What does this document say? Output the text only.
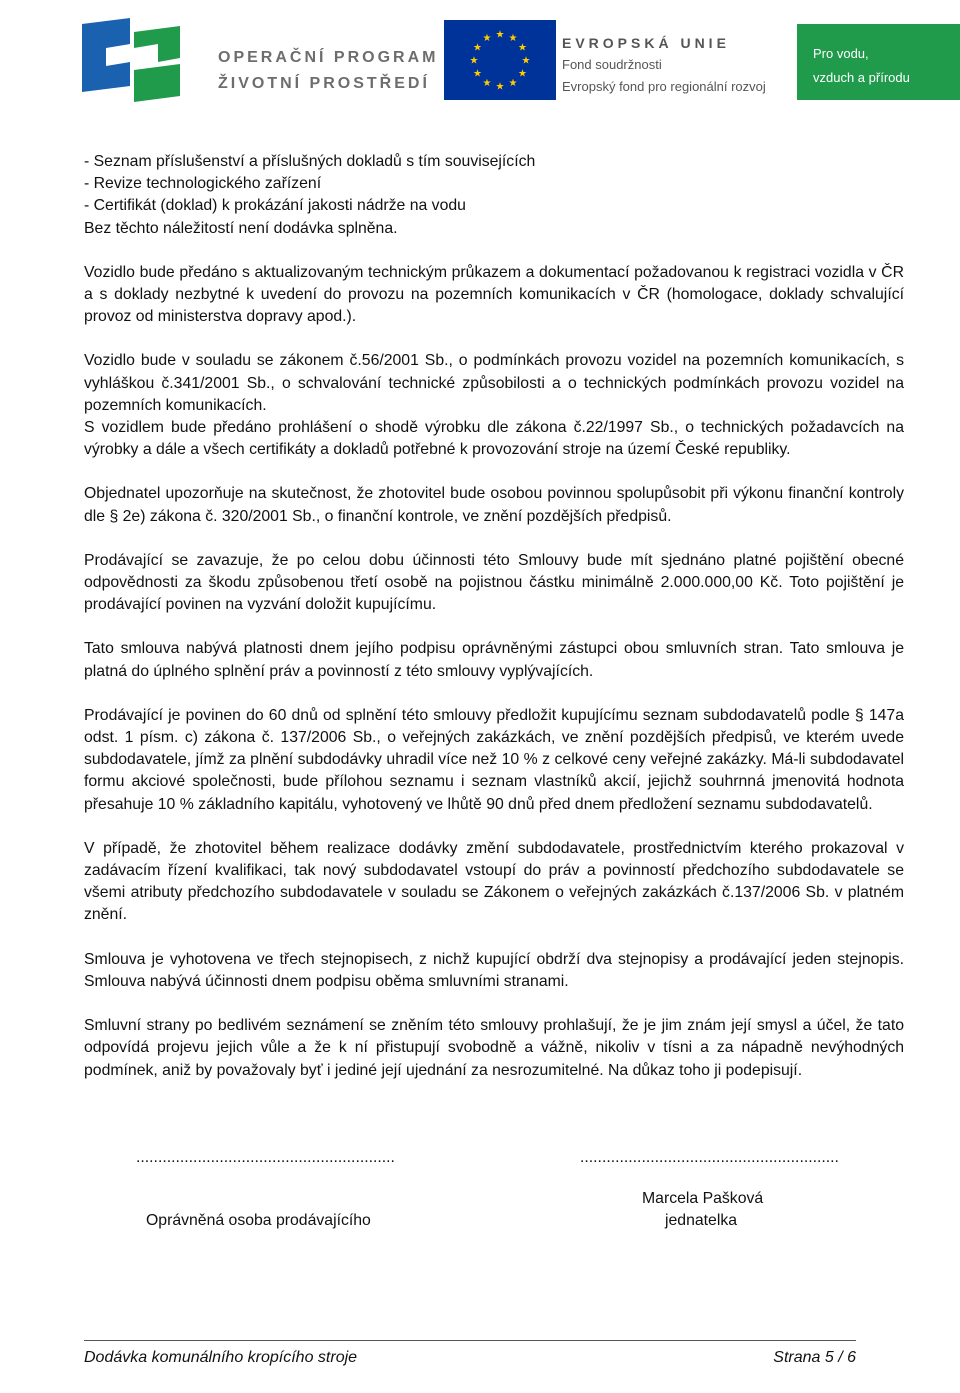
OPERAČNÍ PROGRAM
ŽIVOTNÍ PROSTŘEDÍ
★ ★
★
★
★
★
★
★
★
★
★
★	EVROPSKÁ UNIE
Fond soudržnosti
Evropský fond pro regionální rozvoj
Pro vodu,
vzduch a přírodu
- Seznam příslušenství a příslušných dokladů s tím souvisejících
- Revize technologického zařízení
- Certifikát (doklad) k prokázání jakosti nádrže na vodu
Bez těchto náležitostí není dodávka splněna.

Vozidlo bude předáno s aktualizovaným technickým průkazem a dokumentací požadovanou k registraci vozidla v ČR a s doklady nezbytné k uvedení do provozu na pozemních komunikacích v ČR (homologace, doklady schvalující provoz od ministerstva dopravy apod.).

Vozidlo bude v souladu se zákonem č.56/2001 Sb., o podmínkách provozu vozidel na pozemních komunikacích, s vyhláškou č.341/2001 Sb., o schvalování technické způsobilosti a o technických podmínkách provozu vozidel na pozemních komunikacích.

S vozidlem bude předáno prohlášení o shodě výrobku dle zákona č.22/1997 Sb., o technických požadavcích na výrobky a dále a všech certifikáty a dokladů potřebné k provozování stroje na území České republiky.

Objednatel upozorňuje na skutečnost, že zhotovitel bude osobou povinnou spolupůsobit při výkonu finanční kontroly dle § 2e) zákona č. 320/2001 Sb., o finanční kontrole, ve znění pozdějších předpisů.

Prodávající se zavazuje, že po celou dobu účinnosti této Smlouvy bude mít sjednáno platné pojištění obecné odpovědnosti za škodu způsobenou třetí osobě na pojistnou částku minimálně 2.000.000,00 Kč. Toto pojištění je prodávající povinen na vyzvání doložit kupujícímu.

Tato smlouva nabývá platnosti dnem jejího podpisu oprávněnými zástupci obou smluvních stran. Tato smlouva je platná do úplného splnění práv a povinností z této smlouvy vyplývajících.

Prodávající je povinen do 60 dnů od splnění této smlouvy předložit kupujícímu seznam subdodavatelů podle § 147a odst. 1 písm. c) zákona č. 137/2006 Sb., o veřejných zakázkách, ve znění pozdějších předpisů, ve kterém uvede subdodavatele, jímž za plnění subdodávky uhradil více než 10 % z celkové ceny veřejné zakázky. Má-li subdodavatel formu akciové společnosti, bude přílohou seznamu i seznam vlastníků akcií, jejichž souhrnná jmenovitá hodnota přesahuje 10 % základního kapitálu, vyhotovený ve lhůtě 90 dnů před dnem předložení seznamu subdodavatelů.

V případě, že zhotovitel během realizace dodávky změní subdodavatele, prostřednictvím kterého prokazoval v zadávacím řízení kvalifikaci, tak nový subdodavatel vstoupí do práv a povinností předchozího subdodavatele se všemi atributy předchozího subdodavatele v souladu se Zákonem o veřejných zakázkách č.137/2006 Sb. v platném znění.

Smlouva je vyhotovena ve třech stejnopisech, z nichž kupující obdrží dva stejnopisy a prodávající jeden stejnopis. Smlouva nabývá účinnosti dnem podpisu oběma smluvními stranami.

Smluvní strany po bedlivém seznámení se zněním této smlouvy prohlašují, že je jim znám její smysl a účel, že tato odpovídá projevu jejich vůle a že k ní přistupují svobodně a vážně, nikoliv v tísni a za nápadně nevýhodných podmínek, aniž by považovaly byť i jediné její ujednání za nesrozumitelné. Na důkaz toho ji podepisují.

...........................................................	...........................................................
Oprávněná osoba prodávajícího
Marcela Pašková
jednatelka
Dodávka komunálního kropícího stroje	Strana 5 / 6
